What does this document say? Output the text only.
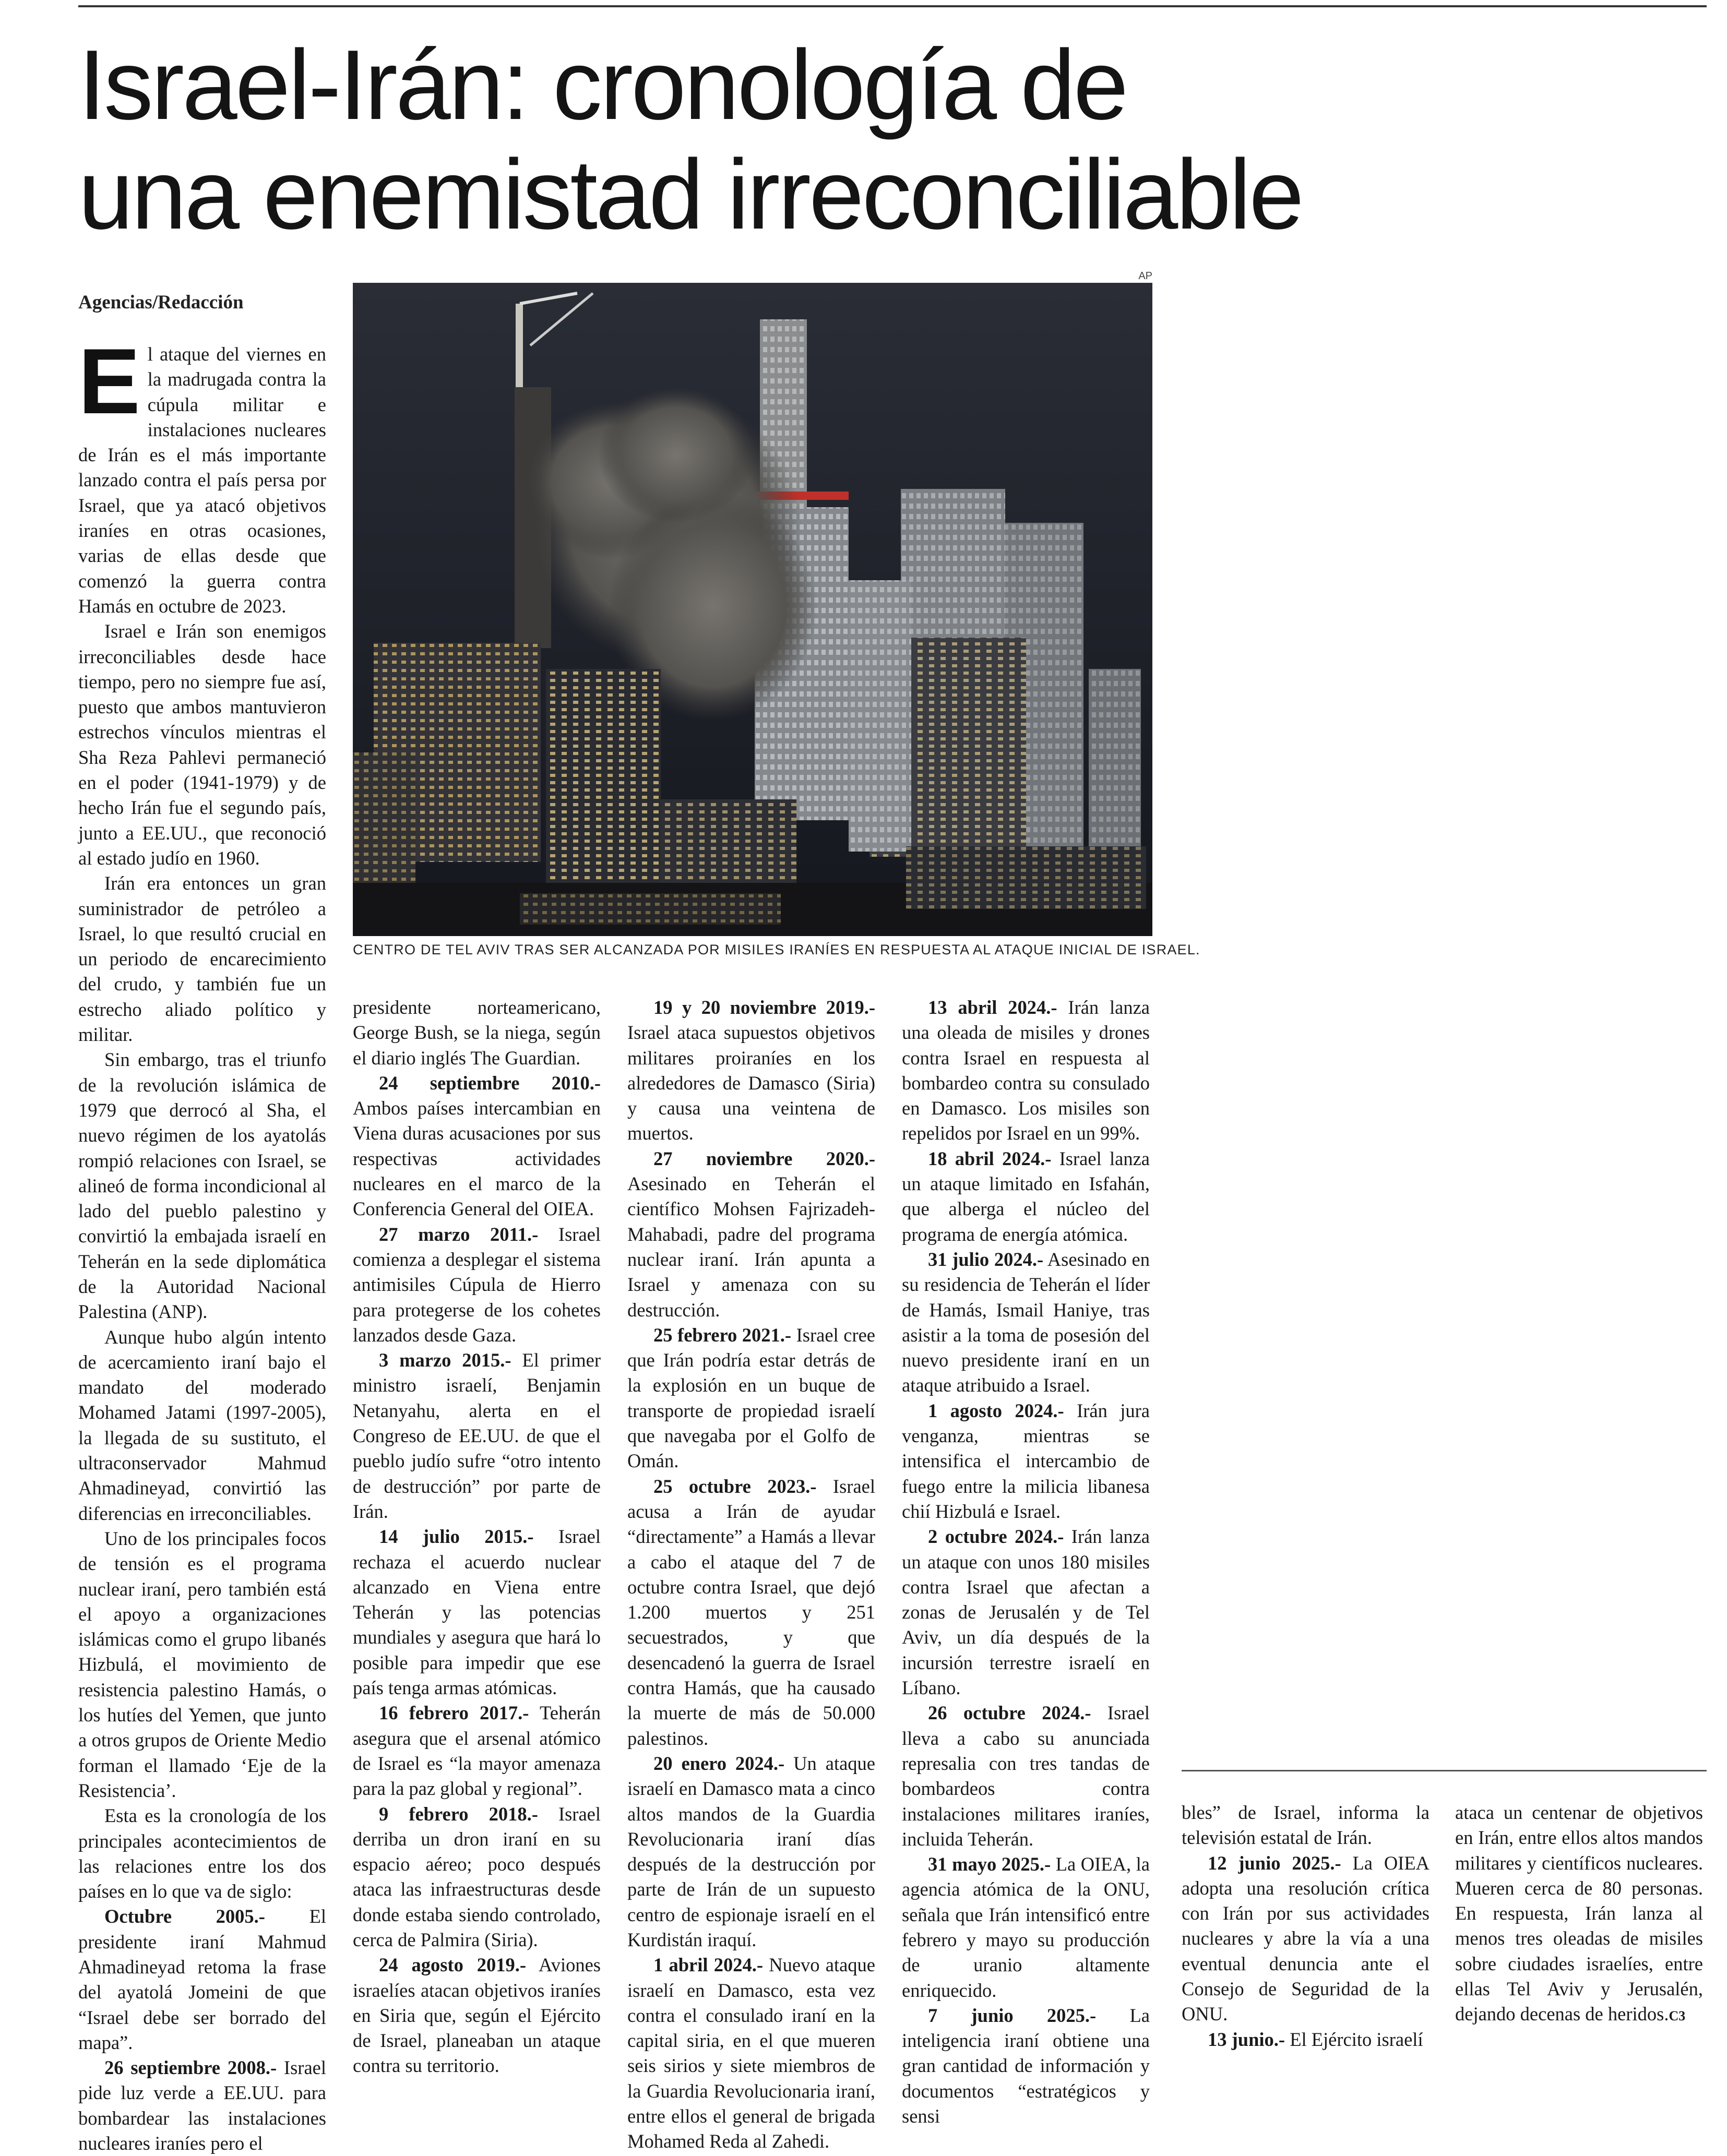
Israel-Irán: cronología de
una enemistad irreconciliable
Agencias/Redacción
AP
CENTRO DE TEL AVIV TRAS SER ALCANZADA POR MISILES IRANÍES EN RESPUESTA AL ATAQUE INICIAL DE ISRAEL.

El ataque del viernes en la madrugada contra la cúpula militar e instalaciones nucleares de Irán es el más importante lanzado contra el país persa por Israel, que ya atacó objetivos iraníes en otras ocasiones, varias de ellas desde que comenzó la guerra contra Hamás en octubre de 2023.

Israel e Irán son enemigos irreconciliables desde hace tiempo, pero no siempre fue así, puesto que ambos mantuvieron estrechos vínculos mientras el Sha Reza Pahlevi permaneció en el poder (1941-1979) y de hecho Irán fue el segundo país, junto a EE.UU., que reconoció al estado judío en 1960.

Irán era entonces un gran suministrador de petróleo a Israel, lo que resultó crucial en un periodo de encarecimiento del crudo, y también fue un estrecho aliado político y militar.

Sin embargo, tras el triunfo de la revolución islámica de 1979 que derrocó al Sha, el nuevo régimen de los ayatolás rompió relaciones con Israel, se alineó de forma incondicional al lado del pueblo palestino y convirtió la embajada israelí en Teherán en la sede diplomática de la Autoridad Nacional Palestina (ANP).

Aunque hubo algún intento de acercamiento iraní bajo el mandato del moderado Mohamed Jatami (1997-2005), la llegada de su sustituto, el ultraconservador Mahmud Ahmadineyad, convirtió las diferencias en irreconciliables.

Uno de los principales focos de tensión es el programa nuclear iraní, pero también está el apoyo a organizaciones islámicas como el grupo libanés Hizbulá, el movimiento de resistencia palestino Hamás, o los hutíes del Yemen, que junto a otros grupos de Oriente Medio forman el llamado ‘Eje de la Resistencia’.

Esta es la cronología de los principales acontecimientos de las relaciones entre los dos países en lo que va de siglo:

Octubre 2005.- El presidente iraní Mahmud Ahmadineyad retoma la frase del ayatolá Jomeini de que “Israel debe ser borrado del mapa”.

26 septiembre 2008.- Israel pide luz verde a EE.UU. para bombardear las instalaciones nucleares iraníes pero el

presidente norteamericano, George Bush, se la niega, según el diario inglés The Guardian.

24 septiembre 2010.- Ambos países intercambian en Viena duras acusaciones por sus respectivas actividades nucleares en el marco de la Conferencia General del OIEA.

27 marzo 2011.- Israel comienza a desplegar el sistema antimisiles Cúpula de Hierro para protegerse de los cohetes lanzados desde Gaza.

3 marzo 2015.- El primer ministro israelí, Benjamin Netanyahu, alerta en el Congreso de EE.UU. de que el pueblo judío sufre “otro intento de destrucción” por parte de Irán.

14 julio 2015.- Israel rechaza el acuerdo nuclear alcanzado en Viena entre Teherán y las potencias mundiales y asegura que hará lo posible para impedir que ese país tenga armas atómicas.

16 febrero 2017.- Teherán asegura que el arsenal atómico de Israel es “la mayor amenaza para la paz global y regional”.

9 febrero 2018.- Israel derriba un dron iraní en su espacio aéreo; poco después ataca las infraestructuras desde donde estaba siendo controlado, cerca de Palmira (Siria).

24 agosto 2019.- Aviones israelíes atacan objetivos iraníes en Siria que, según el Ejército de Israel, planeaban un ataque contra su territorio.

19 y 20 noviembre 2019.- Israel ataca supuestos objetivos militares proiraníes en los alrededores de Damasco (Siria) y causa una veintena de muertos.

27 noviembre 2020.- Asesinado en Teherán el científico Mohsen Fajrizadeh-Mahabadi, padre del programa nuclear iraní. Irán apunta a Israel y amenaza con su destrucción.

25 febrero 2021.- Israel cree que Irán podría estar detrás de la explosión en un buque de transporte de propiedad israelí que navegaba por el Golfo de Omán.

25 octubre 2023.- Israel acusa a Irán de ayudar “directamente” a Hamás a llevar a cabo el ataque del 7 de octubre contra Israel, que dejó 1.200 muertos y 251 secuestrados, y que desencadenó la guerra de Israel contra Hamás, que ha causado la muerte de más de 50.000 palestinos.

20 enero 2024.- Un ataque israelí en Damasco mata a cinco altos mandos de la Guardia Revolucionaria iraní días después de la destrucción por parte de Irán de un supuesto centro de espionaje israelí en el Kurdistán iraquí.

1 abril 2024.- Nuevo ataque israelí en Damasco, esta vez contra el consulado iraní en la capital siria, en el que mueren seis sirios y siete miembros de la Guardia Revolucionaria iraní, entre ellos el general de brigada Mohamed Reda al Zahedi.

13 abril 2024.- Irán lanza una oleada de misiles y drones contra Israel en respuesta al bombardeo contra su consulado en Damasco. Los misiles son repelidos por Israel en un 99%.

18 abril 2024.- Israel lanza un ataque limitado en Isfahán, que alberga el núcleo del programa de energía atómica.

31 julio 2024.- Asesinado en su residencia de Teherán el líder de Hamás, Ismail Haniye, tras asistir a la toma de posesión del nuevo presidente iraní en un ataque atribuido a Israel.

1 agosto 2024.- Irán jura venganza, mientras se intensifica el intercambio de fuego entre la milicia libanesa chií Hizbulá e Israel.

2 octubre 2024.- Irán lanza un ataque con unos 180 misiles contra Israel que afectan a zonas de Jerusalén y de Tel Aviv, un día después de la incursión terrestre israelí en Líbano.

26 octubre 2024.- Israel lleva a cabo su anunciada represalia con tres tandas de bombardeos contra instalaciones militares iraníes, incluida Teherán.

31 mayo 2025.- La OIEA, la agencia atómica de la ONU, señala que Irán intensificó entre febrero y mayo su producción de uranio altamente enriquecido.

7 junio 2025.- La inteligencia iraní obtiene una gran cantidad de información y documentos “estratégicos y sensi

bles” de Israel, informa la televisión estatal de Irán.

12 junio 2025.- La OIEA adopta una resolución crítica con Irán por sus actividades nucleares y abre la vía a una eventual denuncia ante el Consejo de Seguridad de la ONU.

13 junio.- El Ejército israelí

ataca un centenar de objetivos en Irán, entre ellos altos mandos militares y científicos nucleares. Mueren cerca de 80 personas. En respuesta, Irán lanza al menos tres oleadas de misiles sobre ciudades israelíes, entre ellas Tel Aviv y Jerusalén, dejando decenas de heridos.C3
